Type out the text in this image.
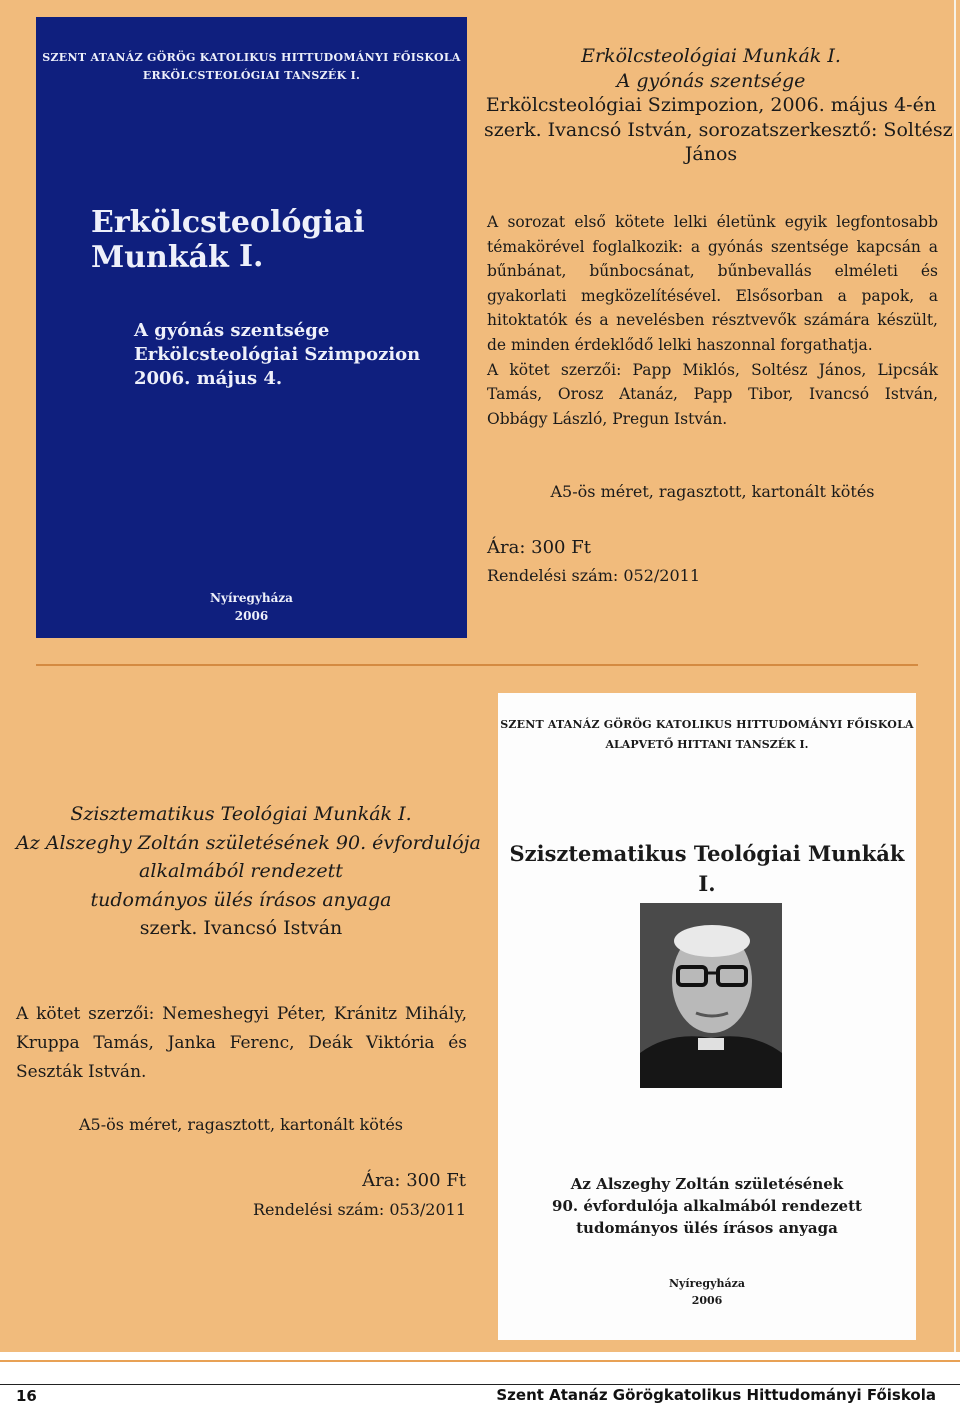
SZENT ATANÁZ GÖRÖG KATOLIKUS HITTUDOMÁNYI FŐISKOLA
ERKÖLCSTEOLÓGIAI TANSZÉK I.
Erkölcsteológiai Munkák I.
A gyónás szentsége
Erkölcsteológiai Szimpozion
2006. május 4.
Nyíregyháza
2006
Erkölcsteológiai Munkák I.
A gyónás szentsége
Erkölcsteológiai Szimpozion, 2006. május 4-én
szerk. Ivancsó István, sorozatszerkesztő: Soltész
János

A sorozat első kötete lelki életünk egyik legfontosabb témakörével foglalkozik: a gyónás szentsége kapcsán a bűnbánat, bűnbocsánat, bűnbevallás elméleti és gyakorlati megközelítésével. Elsősorban a papok, a hitoktatók és a nevelésben résztvevők számára készült, de minden érdeklődő lelki haszonnal forgathatja.

A kötet szerzői: Papp Miklós, Soltész János, Lipcsák Tamás, Orosz Atanáz, Papp Tibor, Ivancsó István, Obbágy László, Pregun István.

A5-ös méret, ragasztott, kartonált kötés
Ára: 300 Ft
Rendelési szám: 052/2011
SZENT ATANÁZ GÖRÖG KATOLIKUS HITTUDOMÁNYI FŐISKOLA
ALAPVETŐ HITTANI TANSZÉK I.
Szisztematikus Teológiai Munkák
I.
Az Alszeghy Zoltán születésének
90. évfordulója alkalmából rendezett
tudományos ülés írásos anyaga
Nyíregyháza
2006
Szisztematikus Teológiai Munkák I.
Az Alszeghy Zoltán születésének 90. évfordulója
alkalmából rendezett
tudományos ülés írásos anyaga
szerk. Ivancsó István

A kötet szerzői: Nemeshegyi Péter, Kránitz Mihály, Kruppa Tamás, Janka Ferenc, Deák Viktória és Seszták István.

A5-ös méret, ragasztott, kartonált kötés
Ára: 300 Ft
Rendelési szám: 053/2011
16	Szent Atanáz Görögkatolikus Hittudományi Főiskola
